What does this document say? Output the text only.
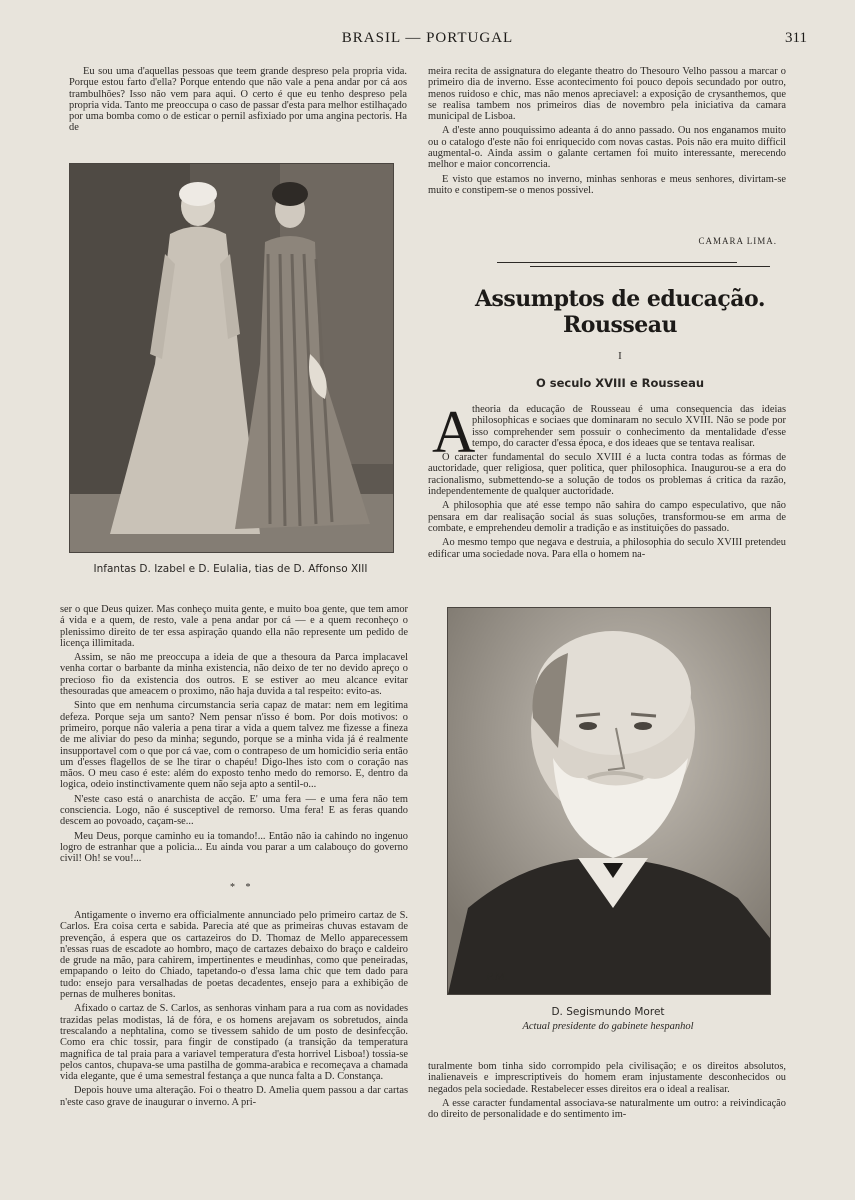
BRASIL — PORTUGAL	311

Eu sou uma d'aquellas pessoas que teem grande despreso pela propria vida. Porque estou farto d'ella? Porque entendo que não vale a pena andar por cá aos trambulhões? Isso não vem para aqui. O certo é que eu tenho despreso pela propria vida. Tanto me preoccupa o caso de passar d'esta para melhor estilhaçado por uma bomba como o de esticar o pernil asfixiado por uma angina pectoris. Ha de

Infantas D. Izabel e D. Eulalia, tias de D. Affonso XIII

ser o que Deus quizer. Mas conheço muita gente, e muito boa gente, que tem amor á vida e a quem, de resto, vale a pena andar por cá — e a quem reconheço o plenissimo direito de ter essa aspiração quando ella não represente um pedido de licença illimitada.

Assim, se não me preoccupa a ideia de que a thesoura da Parca implacavel venha cortar o barbante da minha existencia, não deixo de ter no devido apreço o precioso fio da existencia dos outros. E se estiver ao meu alcance evitar thesouradas que ameacem o proximo, não haja duvida a tal respeito: evito-as.

Sinto que em nenhuma circumstancia seria capaz de matar: nem em legitima defeza. Porque seja um santo? Nem pensar n'isso é bom. Por dois motivos: o primeiro, porque não valeria a pena tirar a vida a quem talvez me fizesse a fineza de me aliviar do peso da minha; segundo, porque se a minha vida já é realmente insupportavel com o que por cá vae, com o contrapeso de um homicidio seria então um d'esses flagellos de se lhe tirar o chapéu! Digo-lhes isto com o coração nas mãos. O meu caso é este: além do exposto tenho medo do remorso. E, dentro da logica, odeio instinctivamente quem não seja apto a sentil-o...

N'este caso está o anarchista de acção. E' uma fera — e uma fera não tem consciencia. Logo, não é susceptivel de remorso. Uma fera! E as feras quando descem ao povoado, caçam-se...

Meu Deus, porque caminho eu ia tomando!... Então não ia cahindo no ingenuo logro de estranhar que a policia... Eu ainda vou parar a um calabouço do governo civil! Oh! se vou!...

* *

Antigamente o inverno era officialmente annunciado pelo primeiro cartaz de S. Carlos. Era coisa certa e sabida. Parecia até que as primeiras chuvas estavam de prevenção, á espera que os cartazeiros do D. Thomaz de Mello apparecessem n'essas ruas de escadote ao hombro, maço de cartazes debaixo do braço e caldeiro de grude na mão, para cahirem, impertinentes e meudinhas, como que peneiradas, empapando o leito do Chiado, tapetando-o d'essa lama chic que tem dado para tudo: ensejo para versalhadas de poetas decadentes, ensejo para a exhibição de pernas de mulheres bonitas.

Afixado o cartaz de S. Carlos, as senhoras vinham para a rua com as novidades trazidas pelas modistas, lá de fóra, e os homens arejavam os sobretudos, ainda trescalando a nephtalina, como se tivessem sahido de um posto de desinfecção. Como era chic tossir, para fingir de constipado (a transição da temperatura magnifica de tal praia para a variavel temperatura d'esta horrivel Lisboa!) tossia-se pelos cantos, chupava-se uma pastilha de gomma-arabica e recomeçava a chamada vida elegante, que é uma semestral festança a que nunca falta a D. Constança.

Depois houve uma alteração. Foi o theatro D. Amelia quem passou a dar cartas n'este caso grave de inaugurar o inverno. A pri-

meira recita de assignatura do elegante theatro do Thesouro Velho passou a marcar o primeiro dia de inverno. Esse acontecimento foi pouco depois secundado por outro, menos ruidoso e chic, mas não menos apreciavel: a exposição de crysanthemos, que se realisa tambem nos primeiros dias de novembro pela iniciativa da camara municipal de Lisboa.

A d'este anno pouquissimo adeanta á do anno passado. Ou nos enganamos muito ou o catalogo d'este não foi enriquecido com novas castas. Pois não era muito difficil augmental-o. Ainda assim o galante certamen foi muito interessante, merecendo melhor e maior concorrencia.

E visto que estamos no inverno, minhas senhoras e meus senhores, divirtam-se muito e constipem-se o menos possivel.

CAMARA LIMA.
Assumptos de educação. Rousseau
I
O seculo XVIII e Rousseau
A

theoria da educação de Rousseau é uma consequencia das ideias philosophicas e sociaes que dominaram no seculo XVIII. Não se pode por isso comprehender sem possuir o conhecimento da mentalidade d'esse tempo, do caracter d'essa época, e dos ideaes que se tentava realisar.

O caracter fundamental do seculo XVIII é a lucta contra todas as fórmas de auctoridade, quer religiosa, quer politica, quer philosophica. Inaugurou-se a era do racionalismo, submettendo-se a solução de todos os problemas á critica da razão, independentemente de qualquer auctoridade.

A philosophia que até esse tempo não sahira do campo especulativo, que não pensara em dar realisação social ás suas soluções, transformou-se em arma de combate, e emprehendeu demolir a tradição e as instituições do passado.

Ao mesmo tempo que negava e destruia, a philosophia do seculo XVIII pretendeu edificar uma sociedade nova. Para ella o homem na-

P.M.
D. Segismundo Moret
Actual presidente do gabinete hespanhol

turalmente bom tinha sido corrompido pela civilisação; e os direitos absolutos, inalienaveis e imprescriptiveis do homem eram injustamente desconhecidos ou negados pela sociedade. Restabelecer esses direitos era o ideal a realisar.

A esse caracter fundamental associava-se naturalmente um outro: a reivindicação do direito de personalidade e do sentimento im-
